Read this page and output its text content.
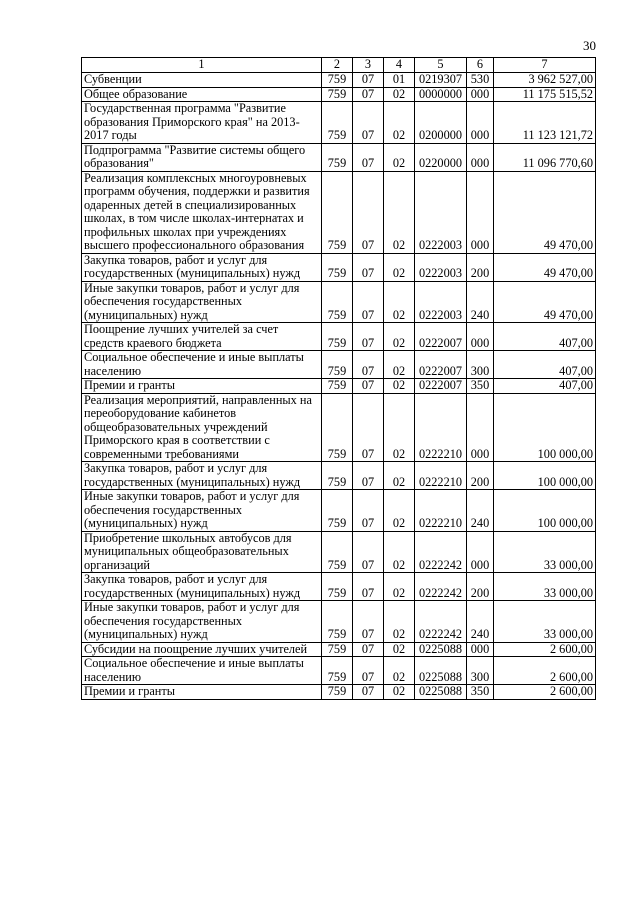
30
1	2	3	4	5	6	7
Субвенции	759	07	01	0219307	530	3 962 527,00
Общее образование	759	07	02	0000000	000	11 175 515,52
Государственная программа "Развитие образования Приморского края" на 2013-2017 годы	759	07	02	0200000	000	11 123 121,72
Подпрограмма "Развитие системы общего образования"	759	07	02	0220000	000	11 096 770,60
Реализация комплексных многоуровневых программ обучения, поддержки и развития одаренных детей в специализированных школах, в том числе школах-интернатах и профильных школах при учреждениях высшего профессионального образования	759	07	02	0222003	000	49 470,00
Закупка товаров, работ и услуг для государственных (муниципальных) нужд	759	07	02	0222003	200	49 470,00
Иные закупки товаров, работ и услуг для обеспечения государственных (муниципальных) нужд	759	07	02	0222003	240	49 470,00
Поощрение лучших учителей за счет средств краевого бюджета	759	07	02	0222007	000	407,00
Социальное обеспечение и иные выплаты населению	759	07	02	0222007	300	407,00
Премии и гранты	759	07	02	0222007	350	407,00
Реализация мероприятий, направленных на переоборудование кабинетов общеобразовательных учреждений Приморского края в соответствии с современными требованиями	759	07	02	0222210	000	100 000,00
Закупка товаров, работ и услуг для государственных (муниципальных) нужд	759	07	02	0222210	200	100 000,00
Иные закупки товаров, работ и услуг для обеспечения государственных (муниципальных) нужд	759	07	02	0222210	240	100 000,00
Приобретение школьных автобусов для муниципальных общеобразовательных организаций	759	07	02	0222242	000	33 000,00
Закупка товаров, работ и услуг для государственных (муниципальных) нужд	759	07	02	0222242	200	33 000,00
Иные закупки товаров, работ и услуг для обеспечения государственных (муниципальных) нужд	759	07	02	0222242	240	33 000,00
Субсидии на поощрение лучших учителей	759	07	02	0225088	000	2 600,00
Социальное обеспечение и иные выплаты населению	759	07	02	0225088	300	2 600,00
Премии и гранты	759	07	02	0225088	350	2 600,00
